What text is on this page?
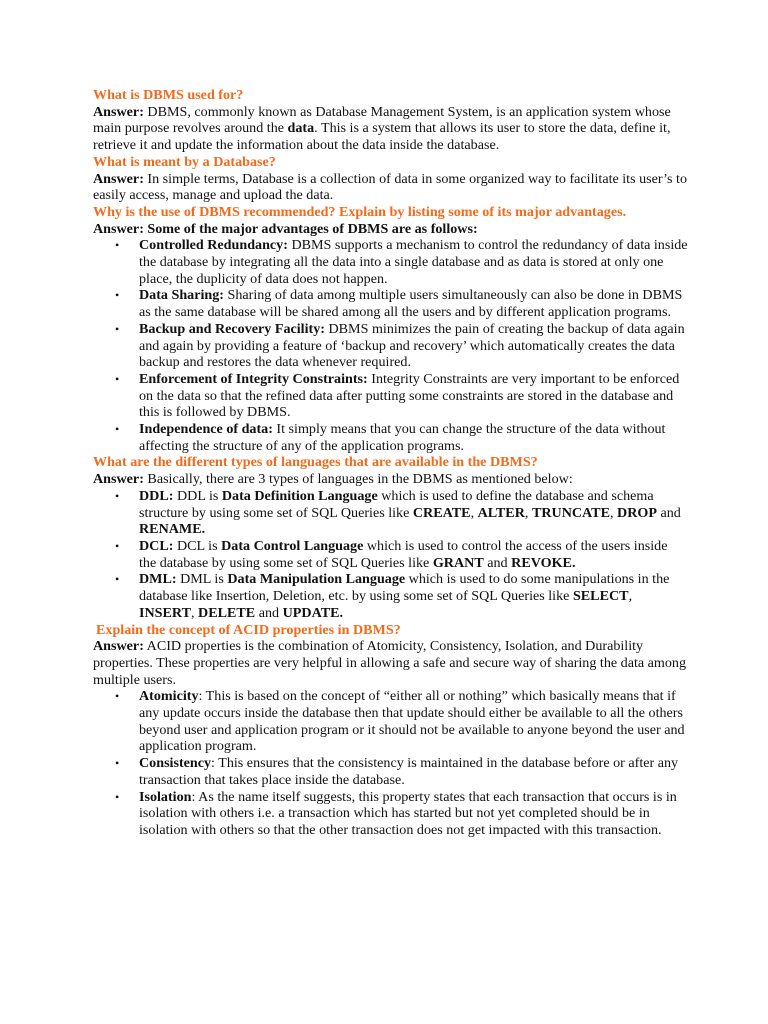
What is DBMS used for?

Answer: DBMS, commonly known as Database Management System, is an application system whose main purpose revolves around the data. This is a system that allows its user to store the data, define it, retrieve it and update the information about the data inside the database.

What is meant by a Database?

Answer: In simple terms, Database is a collection of data in some organized way to facilitate its user’s to easily access, manage and upload the data.

Why is the use of DBMS recommended? Explain by listing some of its major advantages.

Answer: Some of the major advantages of DBMS are as follows:

• Controlled Redundancy: DBMS supports a mechanism to control the redundancy of data inside the database by integrating all the data into a single database and as data is stored at only one place, the duplicity of data does not happen.
• Data Sharing: Sharing of data among multiple users simultaneously can also be done in DBMS as the same database will be shared among all the users and by different application programs.
• Backup and Recovery Facility: DBMS minimizes the pain of creating the backup of data again and again by providing a feature of ‘backup and recovery’ which automatically creates the data backup and restores the data whenever required.
• Enforcement of Integrity Constraints: Integrity Constraints are very important to be enforced on the data so that the refined data after putting some constraints are stored in the database and this is followed by DBMS.
• Independence of data: It simply means that you can change the structure of the data without affecting the structure of any of the application programs.

What are the different types of languages that are available in the DBMS?

Answer: Basically, there are 3 types of languages in the DBMS as mentioned below:

• DDL: DDL is Data Definition Language which is used to define the database and schema structure by using some set of SQL Queries like CREATE, ALTER, TRUNCATE, DROP and RENAME.
• DCL: DCL is Data Control Language which is used to control the access of the users inside the database by using some set of SQL Queries like GRANT and REVOKE.
• DML: DML is Data Manipulation Language which is used to do some manipulations in the database like Insertion, Deletion, etc. by using some set of SQL Queries like SELECT, INSERT, DELETE and UPDATE.

Explain the concept of ACID properties in DBMS?

Answer: ACID properties is the combination of Atomicity, Consistency, Isolation, and Durability properties. These properties are very helpful in allowing a safe and secure way of sharing the data among multiple users.

• Atomicity: This is based on the concept of “either all or nothing” which basically means that if any update occurs inside the database then that update should either be available to all the others beyond user and application program or it should not be available to anyone beyond the user and application program.
• Consistency: This ensures that the consistency is maintained in the database before or after any transaction that takes place inside the database.
• Isolation: As the name itself suggests, this property states that each transaction that occurs is in isolation with others i.e. a transaction which has started but not yet completed should be in isolation with others so that the other transaction does not get impacted with this transaction.
